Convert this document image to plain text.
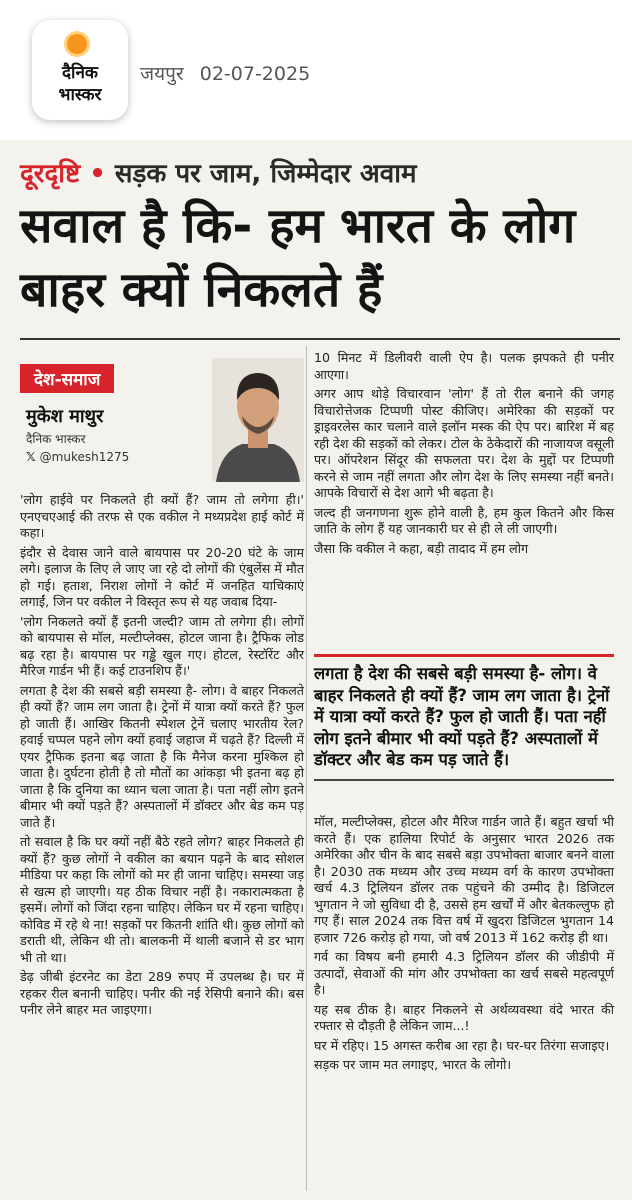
दैनिक
भास्कर
जयपुर 02-07-2025
दूरदृष्टि • सड़क पर जाम, जिम्मेदार अवाम
सवाल है कि- हम भारत के लोग बाहर क्यों निकलते हैं
देश-समाज
मुकेश माथुर
दैनिक भास्कर
𝕏 @mukesh1275

'लोग हाईवे पर निकलते ही क्यों हैं? जाम तो लगेगा ही।' एनएचएआई की तरफ से एक वकील ने मध्यप्रदेश हाई कोर्ट में कहा।

इंदौर से देवास जाने वाले बायपास पर 20-20 घंटे के जाम लगे। इलाज के लिए ले जाए जा रहे दो लोगों की एंबुलेंस में मौत हो गई। हताश, निराश लोगों ने कोर्ट में जनहित याचिकाएं लगाईं, जिन पर वकील ने विस्तृत रूप से यह जवाब दिया-

'लोग निकलते क्यों हैं इतनी जल्दी? जाम तो लगेगा ही। लोगों को बायपास से मॉल, मल्टीप्लेक्स, होटल जाना है। ट्रैफिक लोड बढ़ रहा है। बायपास पर गड्ढे खुल गए। होटल, रेस्टॉरेंट और मैरिज गार्डन भी हैं। कई टाउनशिप हैं।'

लगता है देश की सबसे बड़ी समस्या है- लोग। वे बाहर निकलते ही क्यों हैं? जाम लग जाता है। ट्रेनों में यात्रा क्यों करते हैं? फुल हो जाती हैं। आखिर कितनी स्पेशल ट्रेनें चलाए भारतीय रेल? हवाई चप्पल पहने लोग क्यों हवाई जहाज में चढ़ते हैं? दिल्ली में एयर ट्रैफिक इतना बढ़ जाता है कि मैनेज करना मुश्किल हो जाता है। दुर्घटना होती है तो मौतों का आंकड़ा भी इतना बढ़ हो जाता है कि दुनिया का ध्यान चला जाता है। पता नहीं लोग इतने बीमार भी क्यों पड़ते हैं? अस्पतालों में डॉक्टर और बेड कम पड़ जाते हैं।

तो सवाल है कि घर क्यों नहीं बैठे रहते लोग? बाहर निकलते ही क्यों हैं? कुछ लोगों ने वकील का बयान पढ़ने के बाद सोशल मीडिया पर कहा कि लोगों को मर ही जाना चाहिए। समस्या जड़ से खत्म हो जाएगी। यह ठीक विचार नहीं है। नकारात्मकता है इसमें। लोगों को जिंदा रहना चाहिए। लेकिन घर में रहना चाहिए। कोविड में रहे थे ना! सड़कों पर कितनी शांति थी। कुछ लोगों को डराती थी, लेकिन थी तो। बालकनी में थाली बजाने से डर भाग भी तो था।

डेढ़ जीबी इंटरनेट का डेटा 289 रुपए में उपलब्ध है। घर में रहकर रील बनानी चाहिए। पनीर की नई रेसिपी बनाने की। बस पनीर लेने बाहर मत जाइएगा।

10 मिनट में डिलीवरी वाली ऐप है। पलक झपकते ही पनीर आएगा।

अगर आप थोड़े विचारवान 'लोग' हैं तो रील बनाने की जगह विचारोत्तेजक टिप्पणी पोस्ट कीजिए। अमेरिका की सड़कों पर ड्राइवरलेस कार चलाने वाले इलॉन मस्क की ऐप पर। बारिश में बह रही देश की सड़कों को लेकर। टोल के ठेकेदारों की नाजायज वसूली पर। ऑपरेशन सिंदूर की सफलता पर। देश के मुद्दों पर टिप्पणी करने से जाम नहीं लगता और लोग देश के लिए समस्या नहीं बनते। आपके विचारों से देश आगे भी बढ़ता है।

जल्द ही जनगणना शुरू होने वाली है, हम कुल कितने और किस जाति के लोग हैं यह जानकारी घर से ही ले ली जाएगी।

जैसा कि वकील ने कहा, बड़ी तादाद में हम लोग

लगता है देश की सबसे बड़ी समस्या है- लोग। वे बाहर निकलते ही क्यों हैं? जाम लग जाता है। ट्रेनों में यात्रा क्यों करते हैं? फुल हो जाती हैं। पता नहीं लोग इतने बीमार भी क्यों पड़ते हैं? अस्पतालों में डॉक्टर और बेड कम पड़ जाते हैं।

मॉल, मल्टीप्लेक्स, होटल और मैरिज गार्डन जाते हैं। बहुत खर्चा भी करते हैं। एक हालिया रिपोर्ट के अनुसार भारत 2026 तक अमेरिका और चीन के बाद सबसे बड़ा उपभोक्ता बाजार बनने वाला है। 2030 तक मध्यम और उच्च मध्यम वर्ग के कारण उपभोक्ता खर्च 4.3 ट्रिलियन डॉलर तक पहुंचने की उम्मीद है। डिजिटल भुगतान ने जो सुविधा दी है, उससे हम खर्चों में और बेतकल्लुफ हो गए हैं। साल 2024 तक वित्त वर्ष में खुदरा डिजिटल भुगतान 14 हजार 726 करोड़ हो गया, जो वर्ष 2013 में 162 करोड़ ही था।

गर्व का विषय बनी हमारी 4.3 ट्रिलियन डॉलर की जीडीपी में उत्पादों, सेवाओं की मांग और उपभोक्ता का खर्च सबसे महत्वपूर्ण है।

यह सब ठीक है। बाहर निकलने से अर्थव्यवस्था वंदे भारत की रफ्तार से दौड़ती है लेकिन जाम...!

घर में रहिए। 15 अगस्त करीब आ रहा है। घर-घर तिरंगा सजाइए।

सड़क पर जाम मत लगाइए, भारत के लोगो।
